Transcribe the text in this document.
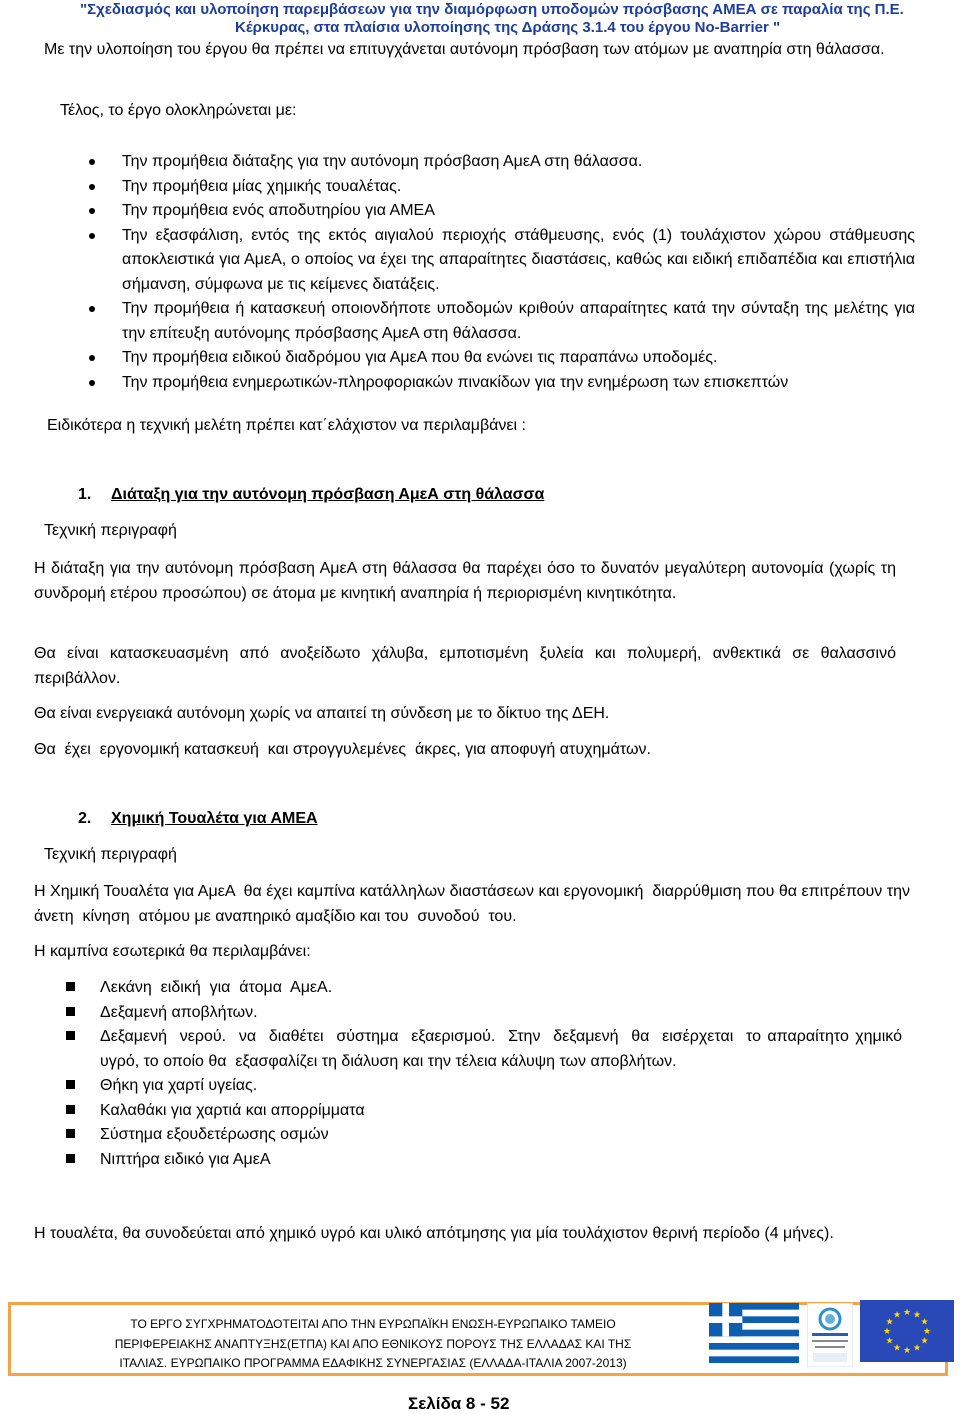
"Σχεδιασμός και υλοποίηση παρεμβάσεων για την διαμόρφωση υποδομών πρόσβασης ΑΜΕΑ σε παραλία της Π.Ε.
Κέρκυρας, στα πλαίσια υλοποίησης της Δράσης 3.1.4 του έργου No-Barrier "
Με την υλοποίηση του έργου θα πρέπει να επιτυγχάνεται αυτόνομη πρόσβαση των ατόμων με αναπηρία στη θάλασσα.
Τέλος, το έργο ολοκληρώνεται με:
Την προμήθεια διάταξης για την αυτόνομη πρόσβαση ΑμεΑ στη θάλασσα.
Την προμήθεια μίας χημικής τουαλέτας.
Την προμήθεια ενός αποδυτηρίου για ΑΜΕΑ
Την εξασφάλιση, εντός της εκτός αιγιαλού περιοχής στάθμευσης, ενός (1) τουλάχιστον χώρου στάθμευσης αποκλειστικά για ΑμεΑ, ο οποίος να έχει της απαραίτητες διαστάσεις, καθώς και ειδική επιδαπέδια και επιστήλια σήμανση, σύμφωνα με τις κείμενες διατάξεις.
Την προμήθεια ή κατασκευή οποιονδήποτε υποδομών κριθούν απαραίτητες κατά την σύνταξη της μελέτης για την επίτευξη αυτόνομης πρόσβασης ΑμεΑ στη θάλασσα.
Την προμήθεια ειδικού διαδρόμου για ΑμεΑ που θα ενώνει τις παραπάνω υποδομές.
Την προμήθεια ενημερωτικών-πληροφοριακών πινακίδων για την ενημέρωση των επισκεπτών
Ειδικότερα η τεχνική μελέτη πρέπει κατ΄ελάχιστον να περιλαμβάνει :
1. Διάταξη για την αυτόνομη πρόσβαση ΑμεΑ στη θάλασσα
Τεχνική περιγραφή
Η διάταξη για την αυτόνομη πρόσβαση ΑμεΑ στη θάλασσα θα παρέχει όσο το δυνατόν μεγαλύτερη αυτονομία (χωρίς τη συνδρομή ετέρου προσώπου) σε άτομα με κινητική αναπηρία ή περιορισμένη κινητικότητα.
Θα είναι κατασκευασμένη από ανοξείδωτο χάλυβα, εμποτισμένη ξυλεία και πολυμερή, ανθεκτικά σε θαλασσινό περιβάλλον.
Θα είναι ενεργειακά αυτόνομη χωρίς να απαιτεί τη σύνδεση με το δίκτυο της ΔΕΗ.
Θα  έχει  εργονομική κατασκευή  και στρογγυλεμένες  άκρες, για αποφυγή ατυχημάτων.
2. Χημική Τουαλέτα για ΑΜΕΑ
Τεχνική περιγραφή
Η Χημική Τουαλέτα για ΑμεΑ  θα έχει καμπίνα κατάλληλων διαστάσεων και εργονομική  διαρρύθμιση που θα επιτρέπουν την άνετη  κίνηση  ατόμου με αναπηρικό αμαξίδιο και του  συνοδού  του.
Η καμπίνα εσωτερικά θα περιλαμβάνει:
Λεκάνη  ειδική  για  άτομα  ΑμεΑ.
Δεξαμενή αποβλήτων.
Δεξαμενή  νερού.  να  διαθέτει  σύστημα  εξαερισμού.  Στην  δεξαμενή  θα  εισέρχεται  το απαραίτητο χημικό υγρό, το οποίο θα  εξασφαλίζει τη διάλυση και την τέλεια κάλυψη των αποβλήτων.
Θήκη για χαρτί υγείας.
Καλαθάκι για χαρτιά και απορρίμματα
Σύστημα εξουδετέρωσης οσμών
Νιπτήρα ειδικό για ΑμεΑ
Η τουαλέτα, θα συνοδεύεται από χημικό υγρό και υλικό απότμησης για μία τουλάχιστον θερινή περίοδο (4 μήνες).
ΤΟ ΕΡΓΟ ΣΥΓΧΡΗΜΑΤΟΔΟΤΕΙΤΑΙ ΑΠΟ ΤΗΝ ΕΥΡΩΠΑΪΚΗ ΕΝΩΣΗ-ΕΥΡΩΠΑΙΚΟ ΤΑΜΕΙΟ
ΠΕΡΙΦΕΡΕΙΑΚΗΣ ΑΝΑΠΤΥΞΗΣ(ΕΤΠΑ) ΚΑΙ ΑΠΟ ΕΘΝΙΚΟΥΣ ΠΟΡΟΥΣ ΤΗΣ ΕΛΛΑΔΑΣ ΚΑΙ ΤΗΣ
ΙΤΑΛΙΑΣ. ΕΥΡΩΠΑΙΚΟ ΠΡΟΓΡΑΜΜΑ ΕΔΑΦΙΚΗΣ ΣΥΝΕΡΓΑΣΙΑΣ (ΕΛΛΑΔΑ-ΙΤΑΛΙΑ 2007-2013)
★ ★
★
★
★
★
★
★
★
★
★
★
Σελίδα 8 - 52
